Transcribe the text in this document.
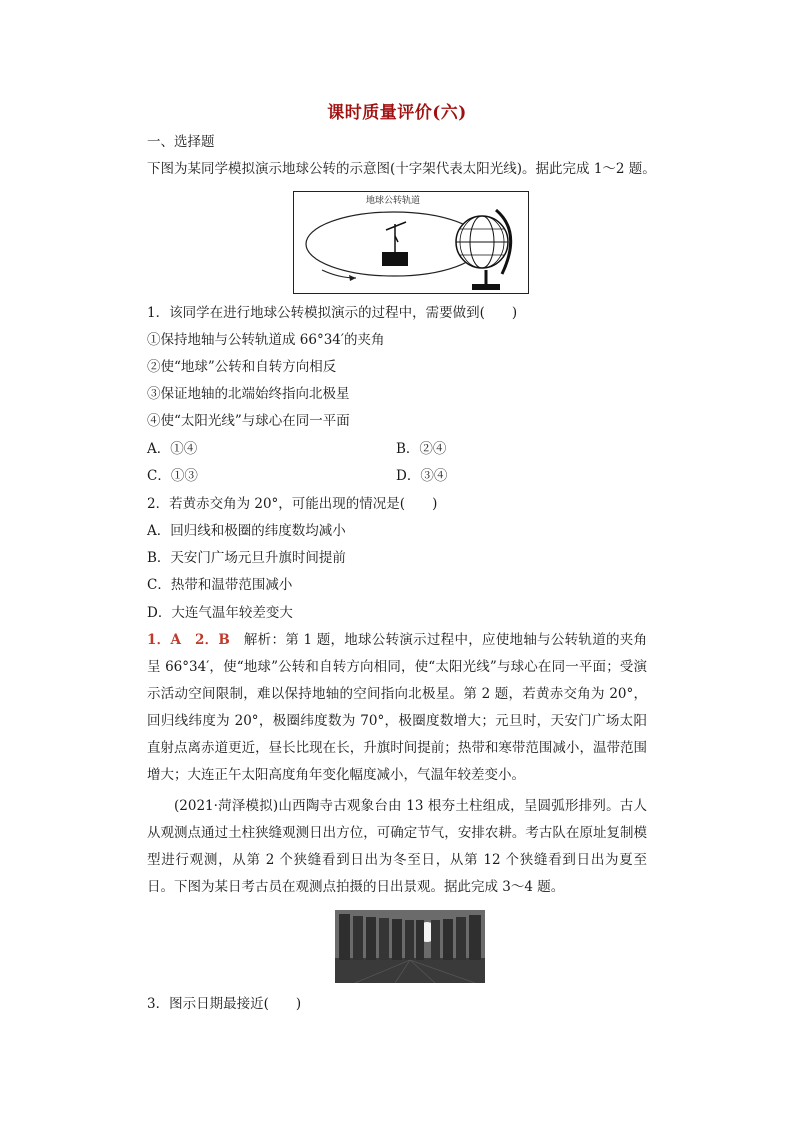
课时质量评价(六)
一、选择题
下图为某同学模拟演示地球公转的示意图(十字架代表太阳光线)。据此完成 1～2 题。
地球公转轨道
1．该同学在进行地球公转模拟演示的过程中，需要做到(　　)
①保持地轴与公转轨道成 66°34′的夹角
②使“地球”公转和自转方向相反
③保证地轴的北端始终指向北极星
④使“太阳光线”与球心在同一平面
A．①④	B．②④
C．①③	D．③④
2．若黄赤交角为 20°，可能出现的情况是(　　)
A．回归线和极圈的纬度数均减小
B．天安门广场元旦升旗时间提前
C．热带和温带范围减小
D．大连气温年较差变大
1．A　2．B　 解析：第 1 题，地球公转演示过程中，应使地轴与公转轨道的夹角呈 66°34′，使“地球”公转和自转方向相同，使“太阳光线”与球心在同一平面；受演示活动空间限制，难以保持地轴的空间指向北极星。第 2 题，若黄赤交角为 20°，回归线纬度为 20°，极圈纬度数为 70°，极圈度数增大；元旦时，天安门广场太阳直射点离赤道更近，昼长比现在长，升旗时间提前；热带和寒带范围减小，温带范围增大；大连正午太阳高度角年变化幅度减小，气温年较差变小。
(2021·菏泽模拟)山西陶寺古观象台由 13 根夯土柱组成，呈圆弧形排列。古人从观测点通过土柱狭缝观测日出方位，可确定节气，安排农耕。考古队在原址复制模型进行观测，从第 2 个狭缝看到日出为冬至日，从第 12 个狭缝看到日出为夏至日。下图为某日考古员在观测点拍摄的日出景观。据此完成 3～4 题。
3．图示日期最接近(　　)
